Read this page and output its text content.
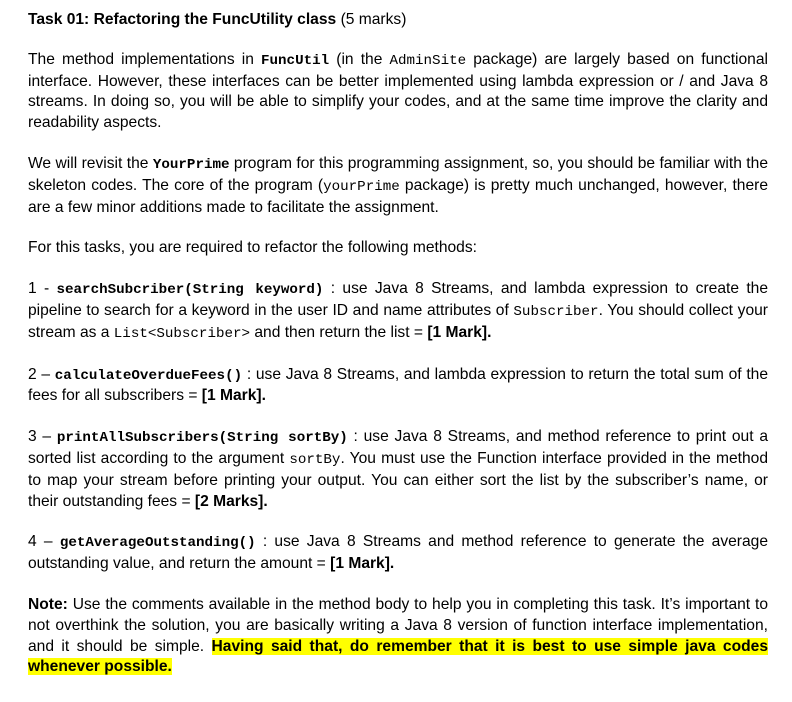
Task 01: Refactoring the FuncUtility class (5 marks)

The method implementations in FuncUtil (in the AdminSite package) are largely based on functional interface. However, these interfaces can be better implemented using lambda expression or / and Java 8 streams. In doing so, you will be able to simplify your codes, and at the same time improve the clarity and readability aspects.

We will revisit the YourPrime program for this programming assignment, so, you should be familiar with the skeleton codes. The core of the program (yourPrime package) is pretty much unchanged, however, there are a few minor additions made to facilitate the assignment.

For this tasks, you are required to refactor the following methods:

1 - searchSubcriber(String keyword) : use Java 8 Streams, and lambda expression to create the pipeline to search for a keyword in the user ID and name attributes of Subscriber. You should collect your stream as a List<Subscriber> and then return the list = [1 Mark].

2 – calculateOverdueFees() : use Java 8 Streams, and lambda expression to return the total sum of the fees for all subscribers = [1 Mark].

3 – printAllSubscribers(String sortBy) : use Java 8 Streams, and method reference to print out a sorted list according to the argument sortBy. You must use the Function interface provided in the method to map your stream before printing your output. You can either sort the list by the subscriber’s name, or their outstanding fees = [2 Marks].

4 – getAverageOutstanding() : use Java 8 Streams and method reference to generate the average outstanding value, and return the amount = [1 Mark].

Note: Use the comments available in the method body to help you in completing this task. It’s important to not overthink the solution, you are basically writing a Java 8 version of function interface implementation, and it should be simple. Having said that, do remember that it is best to use simple java codes whenever possible.
